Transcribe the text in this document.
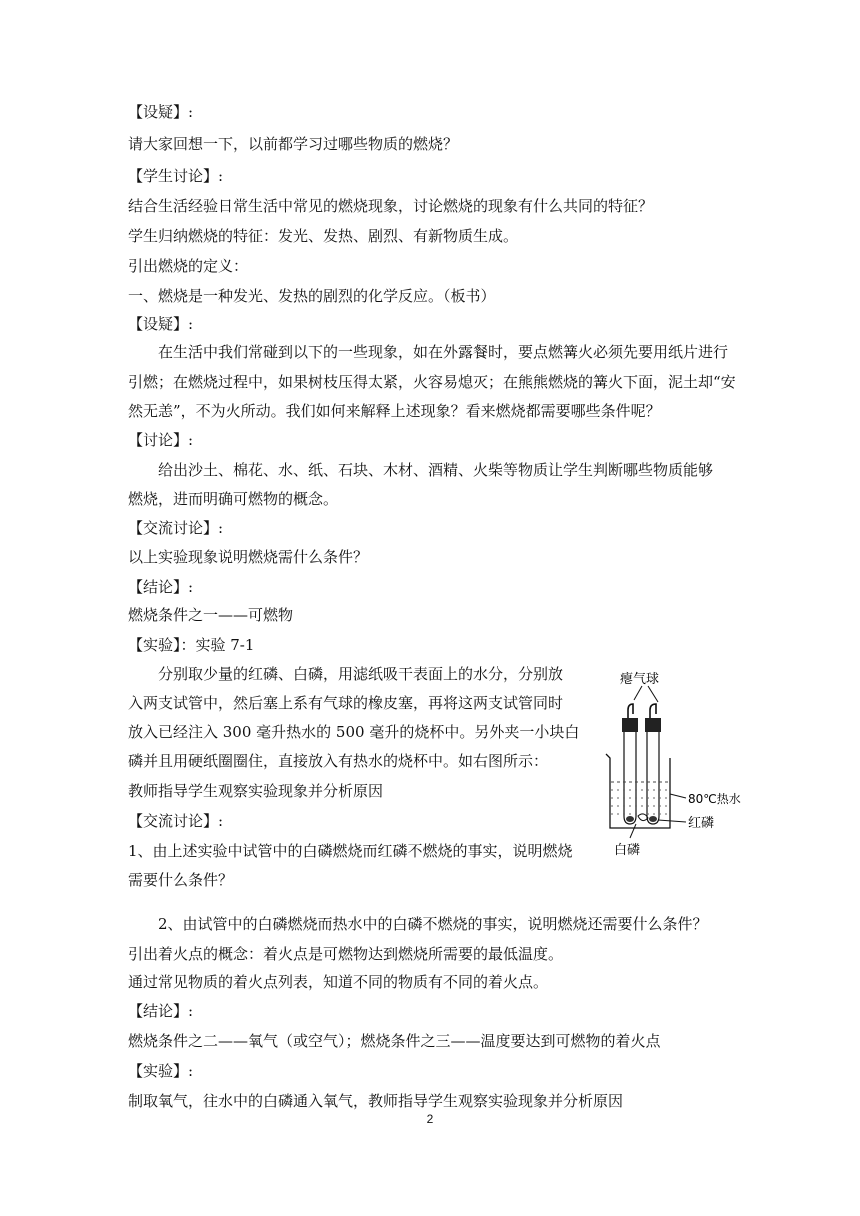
【设疑】:
请大家回想一下，以前都学习过哪些物质的燃烧？
【学生讨论】:
结合生活经验日常生活中常见的燃烧现象，讨论燃烧的现象有什么共同的特征？
学生归纳燃烧的特征：发光、发热、剧烈、有新物质生成。
引出燃烧的定义：
一、燃烧是一种发光、发热的剧烈的化学反应。（板书）
【设疑】:
在生活中我们常碰到以下的一些现象，如在外露餐时，要点燃篝火必须先要用纸片进行
引燃；在燃烧过程中，如果树枝压得太紧，火容易熄灭；在熊熊燃烧的篝火下面，泥土却“安
然无恙”，不为火所动。我们如何来解释上述现象？看来燃烧都需要哪些条件呢？
【讨论】:
给出沙土、棉花、水、纸、石块、木材、酒精、火柴等物质让学生判断哪些物质能够
燃烧，进而明确可燃物的概念。
【交流讨论】:
以上实验现象说明燃烧需什么条件？
【结论】:
燃烧条件之一——可燃物
【实验】：实验 7-1
分别取少量的红磷、白磷，用滤纸吸干表面上的水分，分别放
入两支试管中，然后塞上系有气球的橡皮塞，再将这两支试管同时
放入已经注入 300 毫升热水的 500 毫升的烧杯中。另外夹一小块白
磷并且用硬纸圈圈住，直接放入有热水的烧杯中。如右图所示：
教师指导学生观察实验现象并分析原因
【交流讨论】:
1、由上述实验中试管中的白磷燃烧而红磷不燃烧的事实，说明燃烧
需要什么条件？
2、由试管中的白磷燃烧而热水中的白磷不燃烧的事实，说明燃烧还需要什么条件？
引出着火点的概念：着火点是可燃物达到燃烧所需要的最低温度。
通过常见物质的着火点列表，知道不同的物质有不同的着火点。
【结论】:
燃烧条件之二——氧气（或空气）；燃烧条件之三——温度要达到可燃物的着火点
【实验】:
制取氧气，往水中的白磷通入氧气，教师指导学生观察实验现象并分析原因
瘪气球
80℃热水
红磷
白磷
2
